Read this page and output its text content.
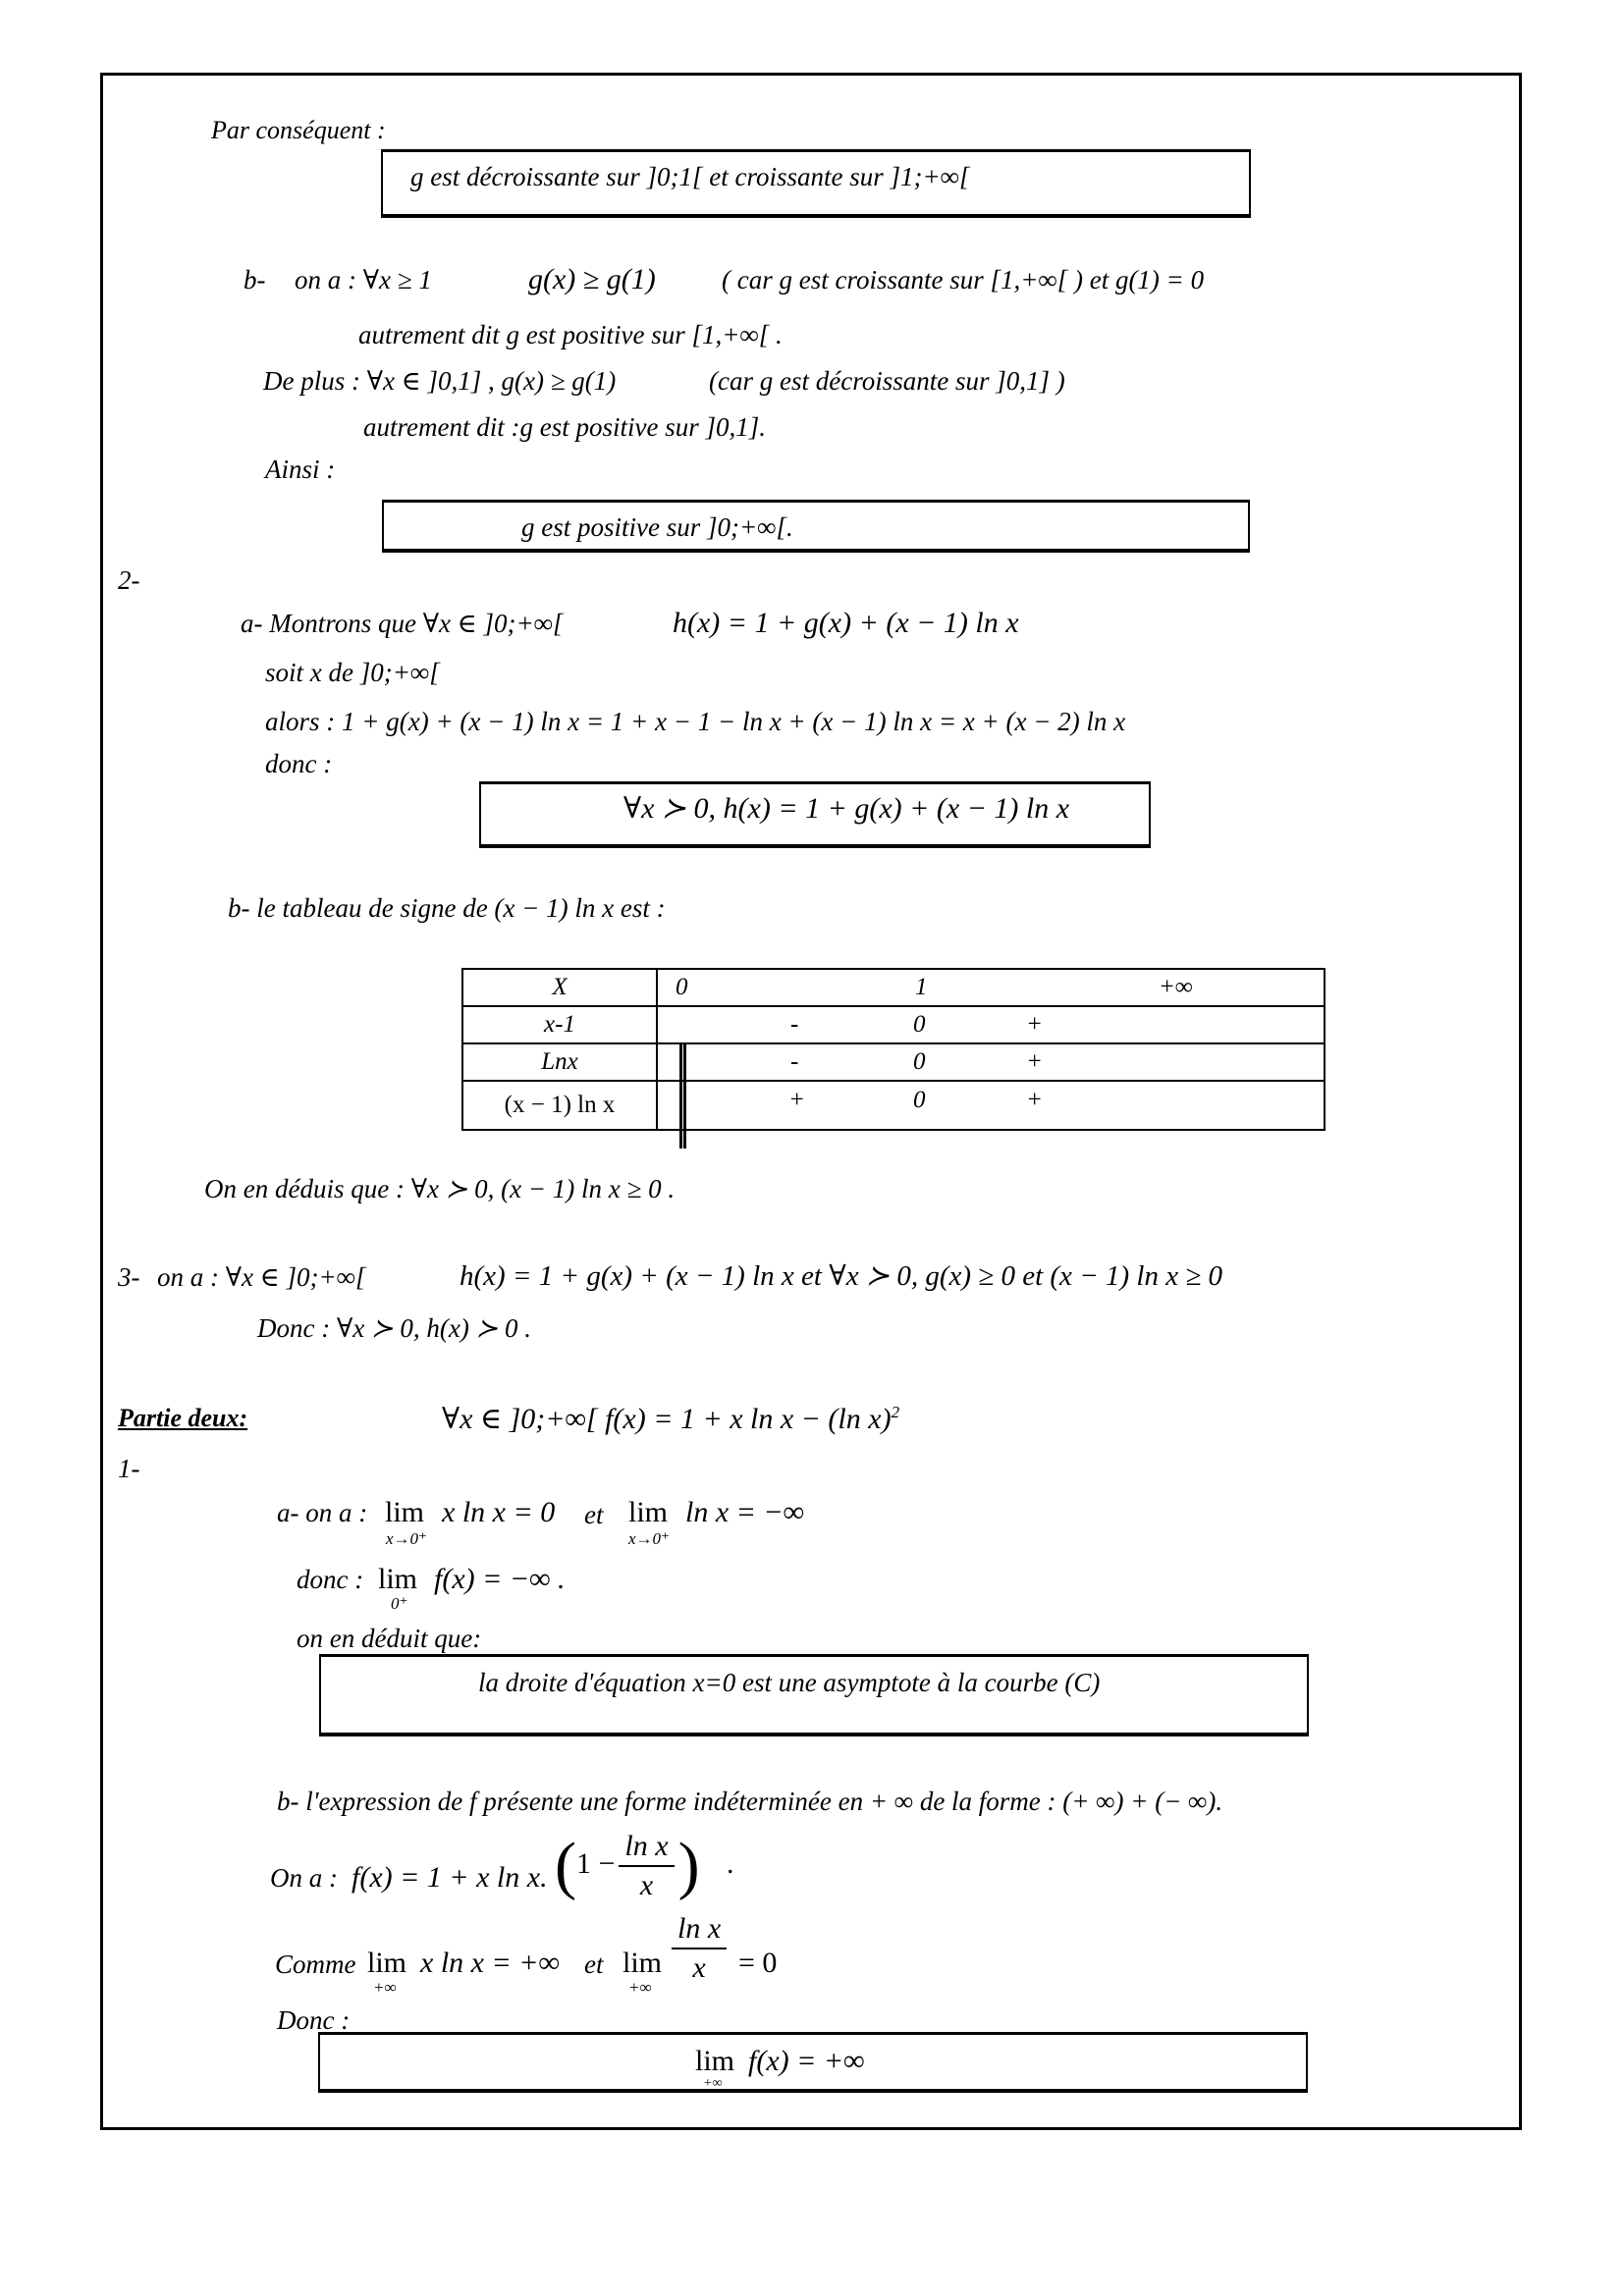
Par conséquent :
g est décroissante sur ]0;1[ et croissante sur ]1;+∞[
b- on a : ∀x ≥ 1	g(x) ≥ g(1) ( car g est croissante sur [1,+∞[ ) et g(1) = 0
autrement dit g est positive sur [1,+∞[ .
De plus : ∀x ∈ ]0,1] , g(x) ≥ g(1)	(car g est décroissante sur ]0,1] )
autrement dit :g est positive sur ]0,1].
Ainsi :
g est positive sur ]0;+∞[.
2-
a- Montrons que ∀x ∈ ]0;+∞[	h(x) = 1 + g(x) + (x − 1) ln x
soit x de ]0;+∞[
alors : 1 + g(x) + (x − 1) ln x = 1 + x − 1 − ln x + (x − 1) ln x = x + (x − 2) ln x
donc :
∀x ≻ 0, h(x) = 1 + g(x) + (x − 1) ln x
b- le tableau de signe de (x − 1) ln x est :
X	0 1 +∞

x-1	- 0 +

Lnx	- 0 +

(x − 1) ln x	+ 0 +
On en déduis que : ∀x ≻ 0, (x − 1) ln x ≥ 0 .
3- on a : ∀x ∈ ]0;+∞[	h(x) = 1 + g(x) + (x − 1) ln x et ∀x ≻ 0, g(x) ≥ 0 et (x − 1) ln x ≥ 0
Donc : ∀x ≻ 0, h(x) ≻ 0 .
Partie deux:	∀x ∈ ]0;+∞[ f(x) = 1 + x ln x − (ln x)$^2$
1-
a- on a : lim
x→0⁺
x ln x = 0 et lim
x→0⁺
ln x = −∞
donc : lim
0⁺
f(x) = −∞ .
on en déduit que:
la droite d'équation x=0 est une asymptote à la courbe (C)
b- l'expression de f présente une forme indéterminée en + ∞ de la forme : (+ ∞) + (− ∞).
On a : f(x) = 1 + x ln x. ($1 - \frac{\text{ln x}}{x}$ ) .
Comme lim
+∞
x ln x = +∞ et lim
+∞
$\frac{\text{ln x}}{x} = 0$
Donc :
lim
+∞
f(x) = +∞
